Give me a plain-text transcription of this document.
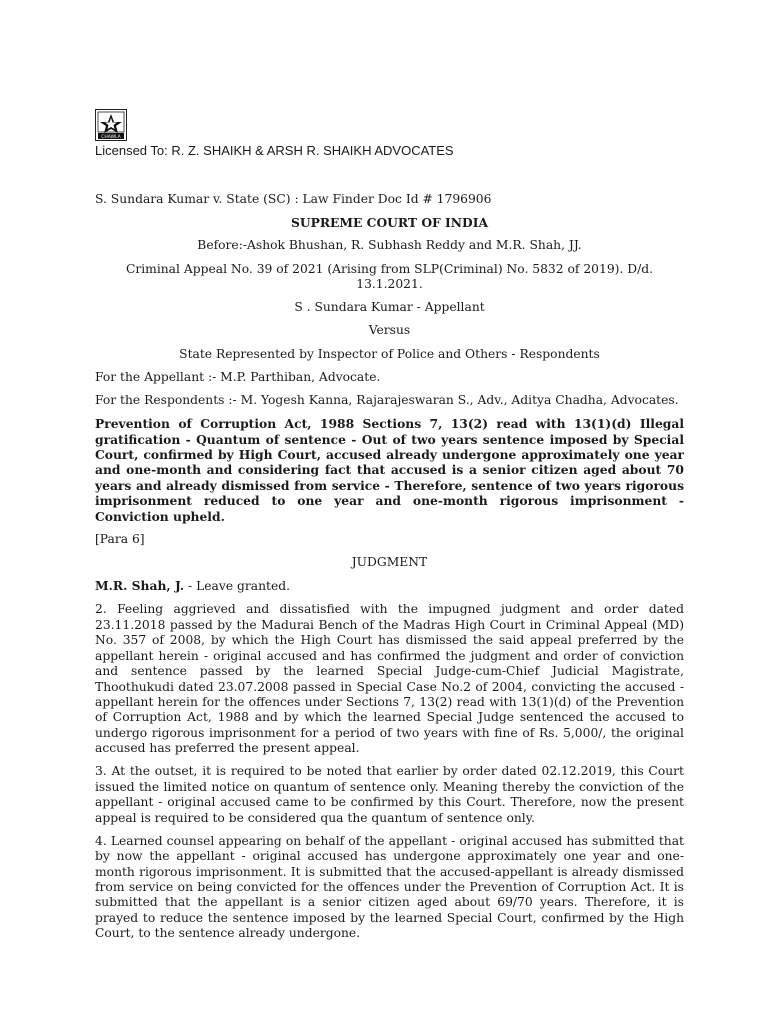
CHAWLA
Licensed To: R. Z. SHAIKH & ARSH R. SHAIKH ADVOCATES

S. Sundara Kumar v. State (SC) : Law Finder Doc Id # 1796906

SUPREME COURT OF INDIA

Before:-Ashok Bhushan, R. Subhash Reddy and M.R. Shah, JJ.

Criminal Appeal No. 39 of 2021 (Arising from SLP(Criminal) No. 5832 of 2019). D/d. 13.1.2021.

S . Sundara Kumar - Appellant

Versus

State Represented by Inspector of Police and Others - Respondents

For the Appellant :- M.P. Parthiban, Advocate.

For the Respondents :- M. Yogesh Kanna, Rajarajeswaran S., Adv., Aditya Chadha, Advocates.

Prevention of Corruption Act, 1988 Sections 7, 13(2) read with 13(1)(d) Illegal gratification - Quantum of sentence - Out of two years sentence imposed by Special Court, confirmed by High Court, accused already undergone approximately one year and one-month and considering fact that accused is a senior citizen aged about 70 years and already dismissed from service - Therefore, sentence of two years rigorous imprisonment reduced to one year and one-month rigorous imprisonment - Conviction upheld.

[Para 6]

JUDGMENT

M.R. Shah, J. - Leave granted.

2. Feeling aggrieved and dissatisfied with the impugned judgment and order dated 23.11.2018 passed by the Madurai Bench of the Madras High Court in Criminal Appeal (MD) No. 357 of 2008, by which the High Court has dismissed the said appeal preferred by the appellant herein - original accused and has confirmed the judgment and order of conviction and sentence passed by the learned Special Judge-cum-Chief Judicial Magistrate, Thoothukudi dated 23.07.2008 passed in Special Case No.2 of 2004, convicting the accused - appellant herein for the offences under Sections 7, 13(2) read with 13(1)(d) of the Prevention of Corruption Act, 1988 and by which the learned Special Judge sentenced the accused to undergo rigorous imprisonment for a period of two years with fine of Rs. 5,000/, the original accused has preferred the present appeal.

3. At the outset, it is required to be noted that earlier by order dated 02.12.2019, this Court issued the limited notice on quantum of sentence only. Meaning thereby the conviction of the appellant - original accused came to be confirmed by this Court. Therefore, now the present appeal is required to be considered qua the quantum of sentence only.

4. Learned counsel appearing on behalf of the appellant - original accused has submitted that by now the appellant - original accused has undergone approximately one year and one-month rigorous imprisonment. It is submitted that the accused-appellant is already dismissed from service on being convicted for the offences under the Prevention of Corruption Act. It is submitted that the appellant is a senior citizen aged about 69/70 years. Therefore, it is prayed to reduce the sentence imposed by the learned Special Court, confirmed by the High Court, to the sentence already undergone.
